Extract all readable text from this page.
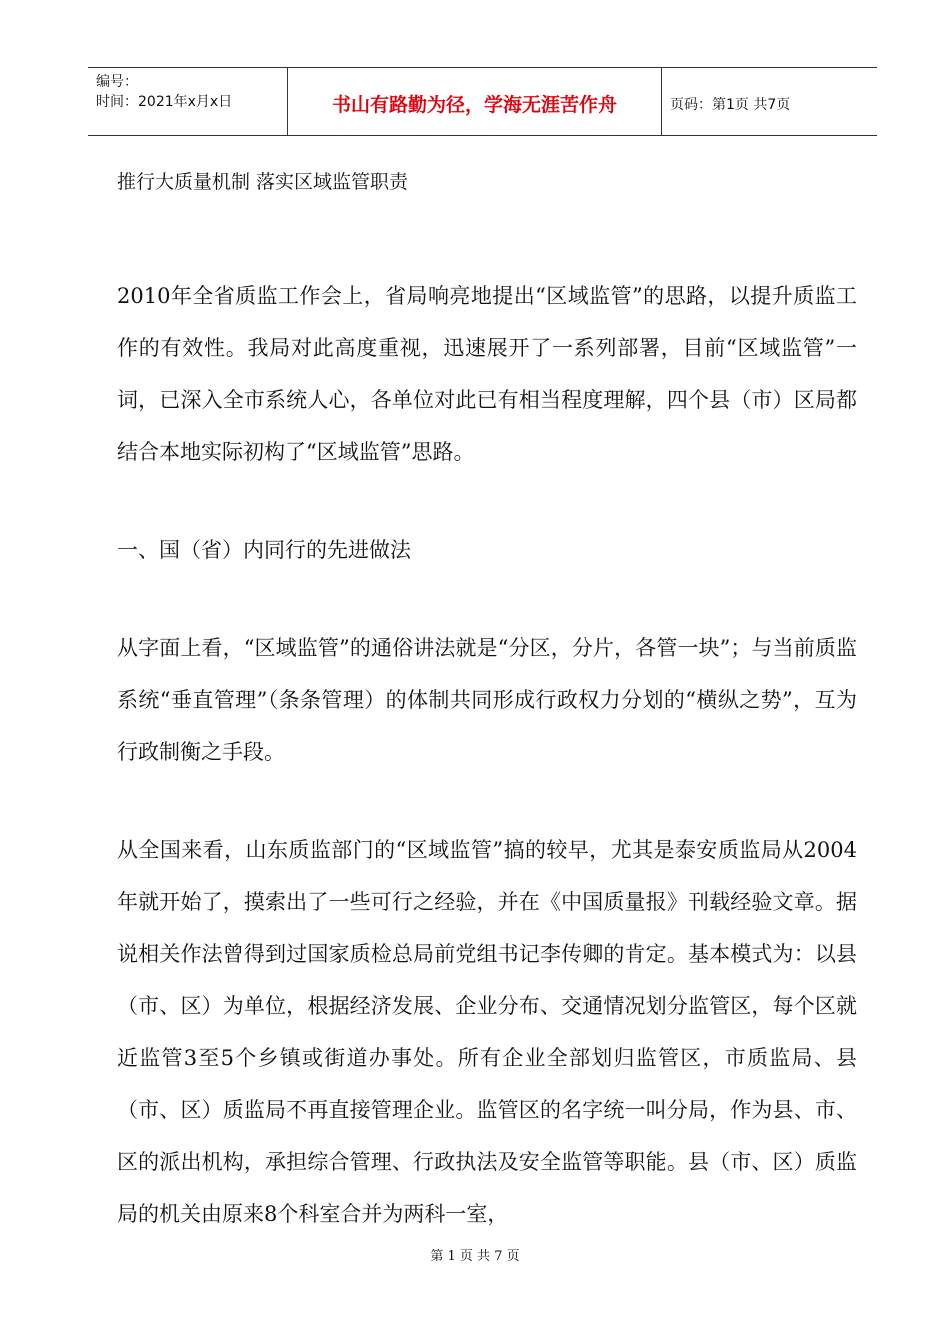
编号：
时间：2021年x月x日	书山有路勤为径，学海无涯苦作舟	页码：第1页 共7页
推行大质量机制 落实区域监管职责

2010年全省质监工作会上，省局响亮地提出“区域监管”的思路，以提升质监工作的有效性。我局对此高度重视，迅速展开了一系列部署，目前“区域监管”一词，已深入全市系统人心，各单位对此已有相当程度理解，四个县（市）区局都结合本地实际初构了“区域监管”思路。

一、国（省）内同行的先进做法

从字面上看，“区域监管”的通俗讲法就是“分区，分片，各管一块”；与当前质监系统“垂直管理”（条条管理）的体制共同形成行政权力分划的“横纵之势”，互为行政制衡之手段。

从全国来看，山东质监部门的“区域监管”搞的较早，尤其是泰安质监局从2004年就开始了，摸索出了一些可行之经验，并在《中国质量报》刊载经验文章。据说相关作法曾得到过国家质检总局前党组书记李传卿的肯定。基本模式为：以县（市、区）为单位，根据经济发展、企业分布、交通情况划分监管区，每个区就近监管3至5个乡镇或街道办事处。所有企业全部划归监管区，市质监局、县（市、区）质监局不再直接管理企业。监管区的名字统一叫分局，作为县、市、区的派出机构，承担综合管理、行政执法及安全监管等职能。县（市、区）质监局的机关由原来8个科室合并为两科一室，

第 1 页 共 7 页
